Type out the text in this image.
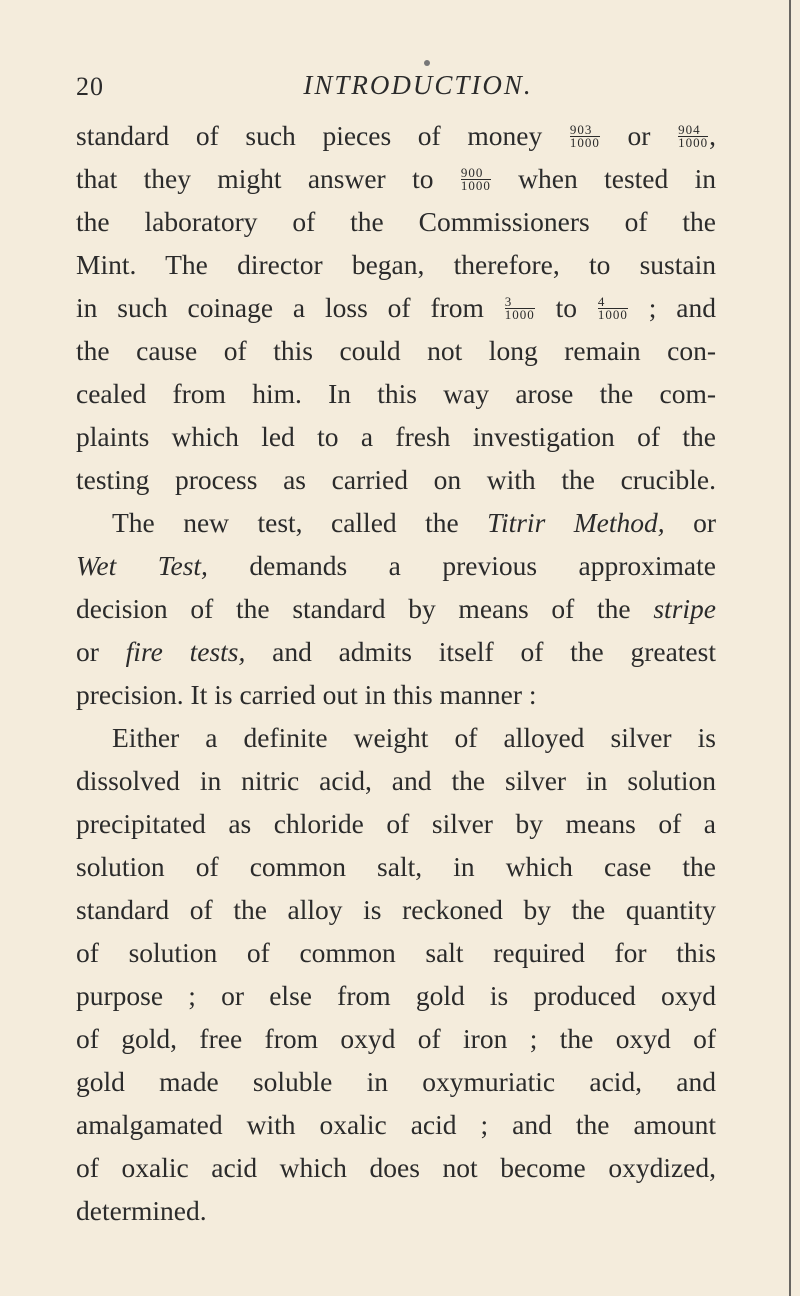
20	INTRODUCTION.
standard of such pieces of money $\frac{903}{1000}$ or $\frac{904}{1000}$ ,
that they might answer to $\frac{900}{1000}$ when tested in
the laboratory of the Commissioners of the
Mint. The director began, therefore, to sustain
in such coinage a loss of from $\frac{3}{1000}$ to $\frac{4}{1000}$ ; and
the cause of this could not long remain con-
cealed from him. In this way arose the com-
plaints which led to a fresh investigation of the
testing process as carried on with the crucible.
The new test, called the Titrir Method, or
Wet Test, demands a previous approximate
decision of the standard by means of the stripe
or fire tests, and admits itself of the greatest
precision. It is carried out in this manner :
Either a definite weight of alloyed silver is
dissolved in nitric acid, and the silver in solution
precipitated as chloride of silver by means of a
solution of common salt, in which case the
standard of the alloy is reckoned by the quantity
of solution of common salt required for this
purpose ; or else from gold is produced oxyd
of gold, free from oxyd of iron ; the oxyd of
gold made soluble in oxymuriatic acid, and
amalgamated with oxalic acid ; and the amount
of oxalic acid which does not become oxydized,
determined.
